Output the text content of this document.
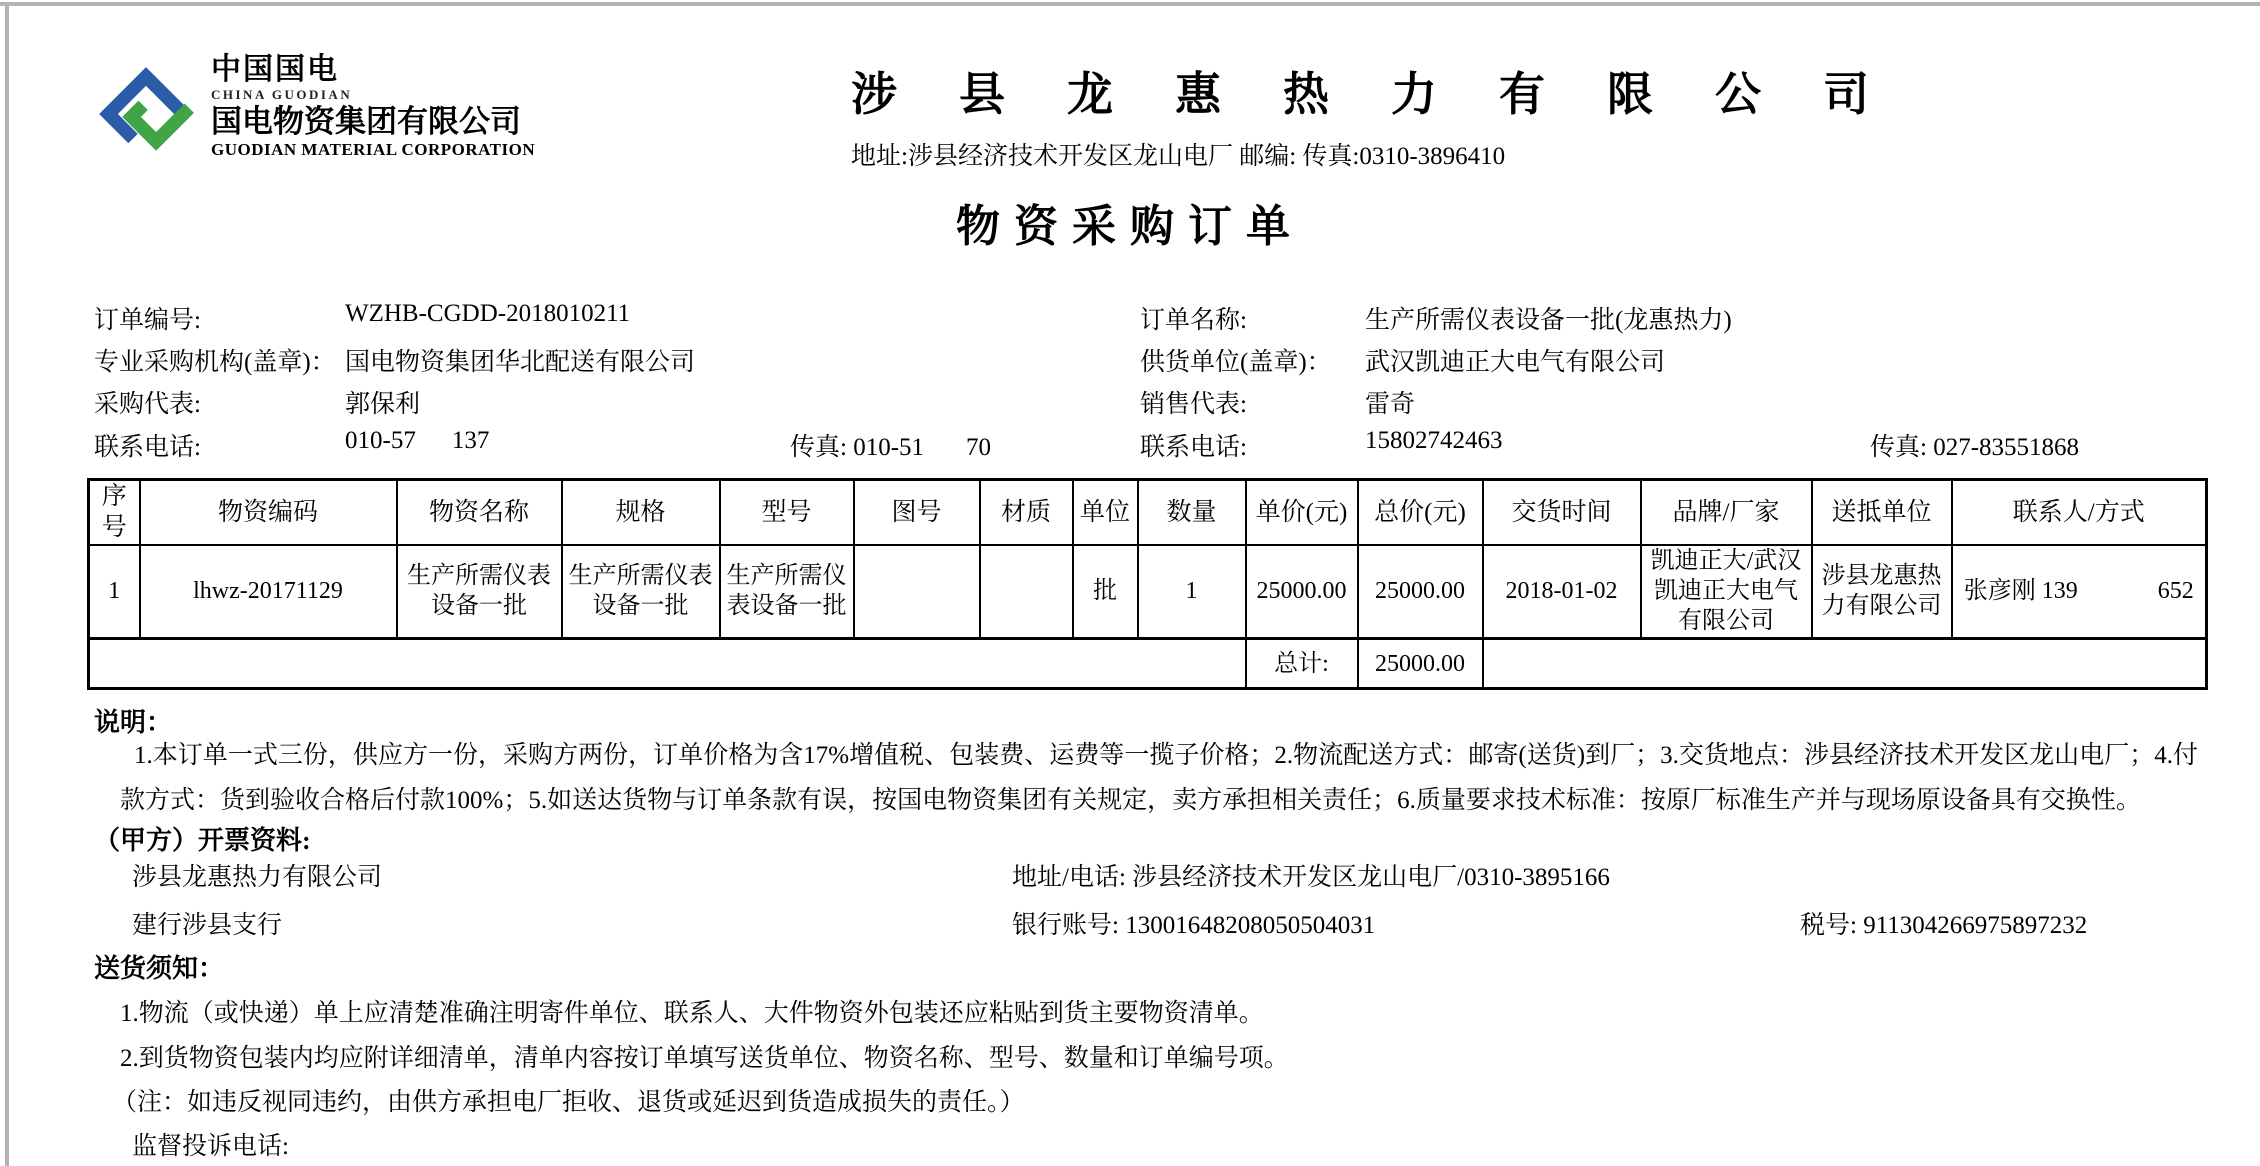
中国国电
CHINA GUODIAN
国电物资集团有限公司
GUODIAN MATERIAL CORPORATION
涉县龙惠热力有限公司
地址:涉县经济技术开发区龙山电厂 邮编: 传真:0310-3896410
物资采购订单
订单编号:	WZHB-CGDD-2018010211
专业采购机构(盖章)： 国电物资集团华北配送有限公司
采购代表:	郭保利
联系电话:	010-57 137	传真: 010-51 70
订单名称:	生产所需仪表设备一批(龙惠热力)
供货单位(盖章)： 武汉凯迪正大电气有限公司
销售代表:	雷奇
联系电话:	15802742463	传真: 027-83551868
序号	物资编码	物资名称	规格	型号	图号	材质	单位	数量	单价(元)	总价(元)	交货时间	品牌/厂家	送抵单位	联系人/方式
1	lhwz-20171129	生产所需仪表设备一批	生产所需仪表设备一批	生产所需仪表设备一批			批	1	25000.00	25000.00	2018-01-02	凯迪正大/武汉凯迪正大电气有限公司	涉县龙惠热力有限公司	张彦刚 139 652
									总计:	25000.00				
说明：
1.本订单一式三份，供应方一份，采购方两份，订单价格为含17%增值税、包装费、运费等一揽子价格；2.物流配送方式：邮寄(送货)到厂；3.交货地点：涉县经济技术开发区龙山电厂；4.付款方式：货到验收合格后付款100%；5.如送达货物与订单条款有误，按国电物资集团有关规定，卖方承担相关责任；6.质量要求技术标准：按原厂标准生产并与现场原设备具有交换性。
（甲方）开票资料:
涉县龙惠热力有限公司	地址/电话: 涉县经济技术开发区龙山电厂/0310-3895166
建行涉县支行	银行账号: 13001648208050504031	税号: 911304266975897232
送货须知：
1.物流（或快递）单上应清楚准确注明寄件单位、联系人、大件物资外包装还应粘贴到货主要物资清单。
2.到货物资包装内均应附详细清单，清单内容按订单填写送货单位、物资名称、型号、数量和订单编号项。
（注：如违反视同违约，由供方承担电厂拒收、退货或延迟到货造成损失的责任。）
监督投诉电话:
